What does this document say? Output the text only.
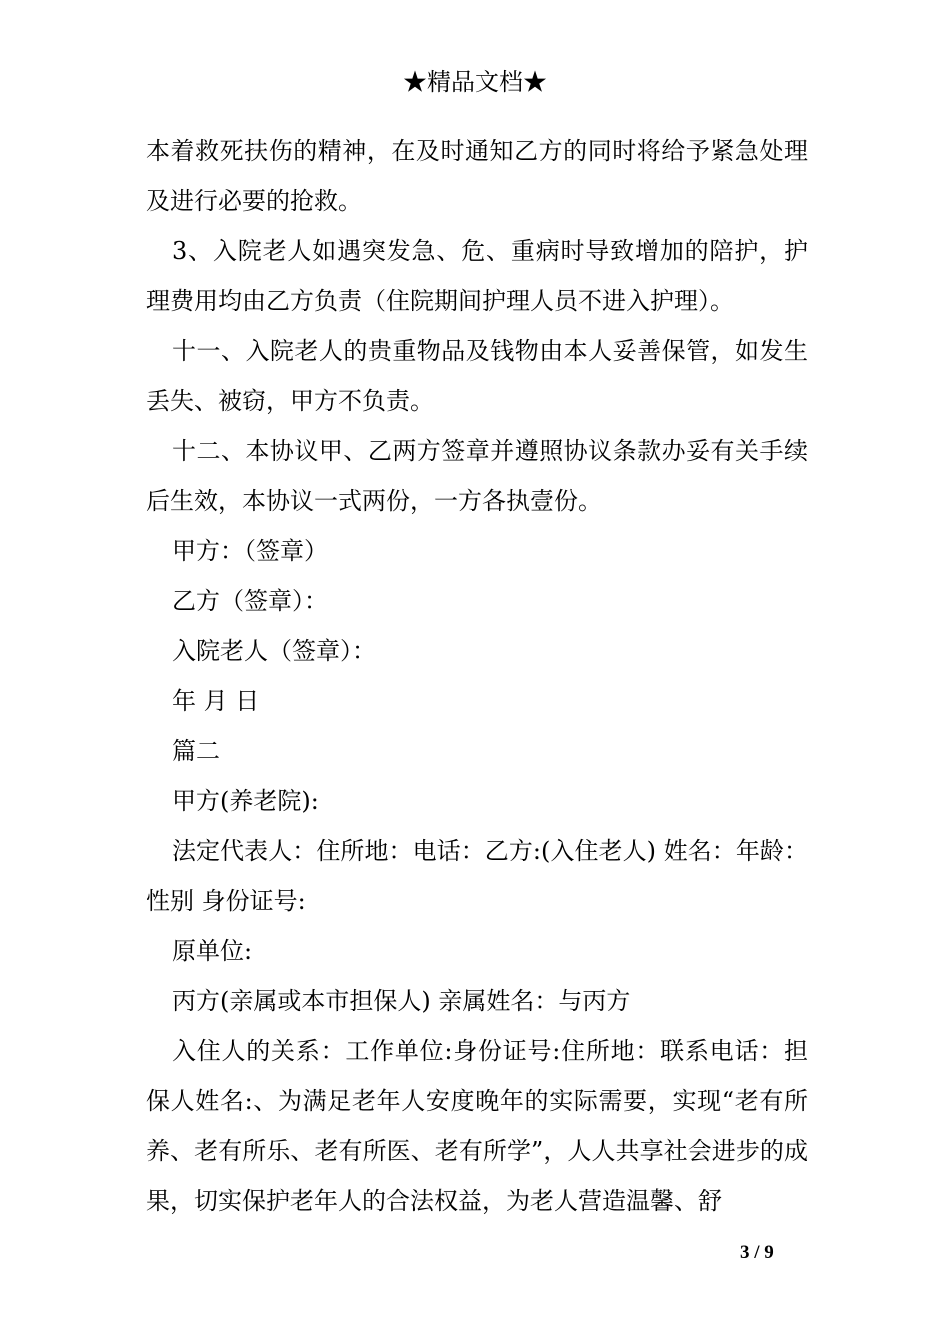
★精品文档★

本着救死扶伤的精神，在及时通知乙方的同时将给予紧急处理及进行必要的抢救。

3、入院老人如遇突发急、危、重病时导致增加的陪护，护理费用均由乙方负责（住院期间护理人员不进入护理）。

十一、入院老人的贵重物品及钱物由本人妥善保管，如发生丢失、被窃，甲方不负责。

十二、本协议甲、乙两方签章并遵照协议条款办妥有关手续后生效，本协议一式两份，一方各执壹份。

甲方：（签章）

乙方（签章）：

入院老人（签章）：

年 月 日

篇二

甲方(养老院):

法定代表人：住所地：电话：乙方:(入住老人) 姓名：年龄：性别 身份证号:

原单位:

丙方(亲属或本市担保人) 亲属姓名：与丙方

入住人的关系：工作单位:身份证号:住所地：联系电话：担保人姓名:、为满足老年人安度晚年的实际需要，实现“老有所养、老有所乐、老有所医、老有所学”，人人共享社会进步的成果，切实保护老年人的合法权益，为老人营造温馨、舒

3 / 9
